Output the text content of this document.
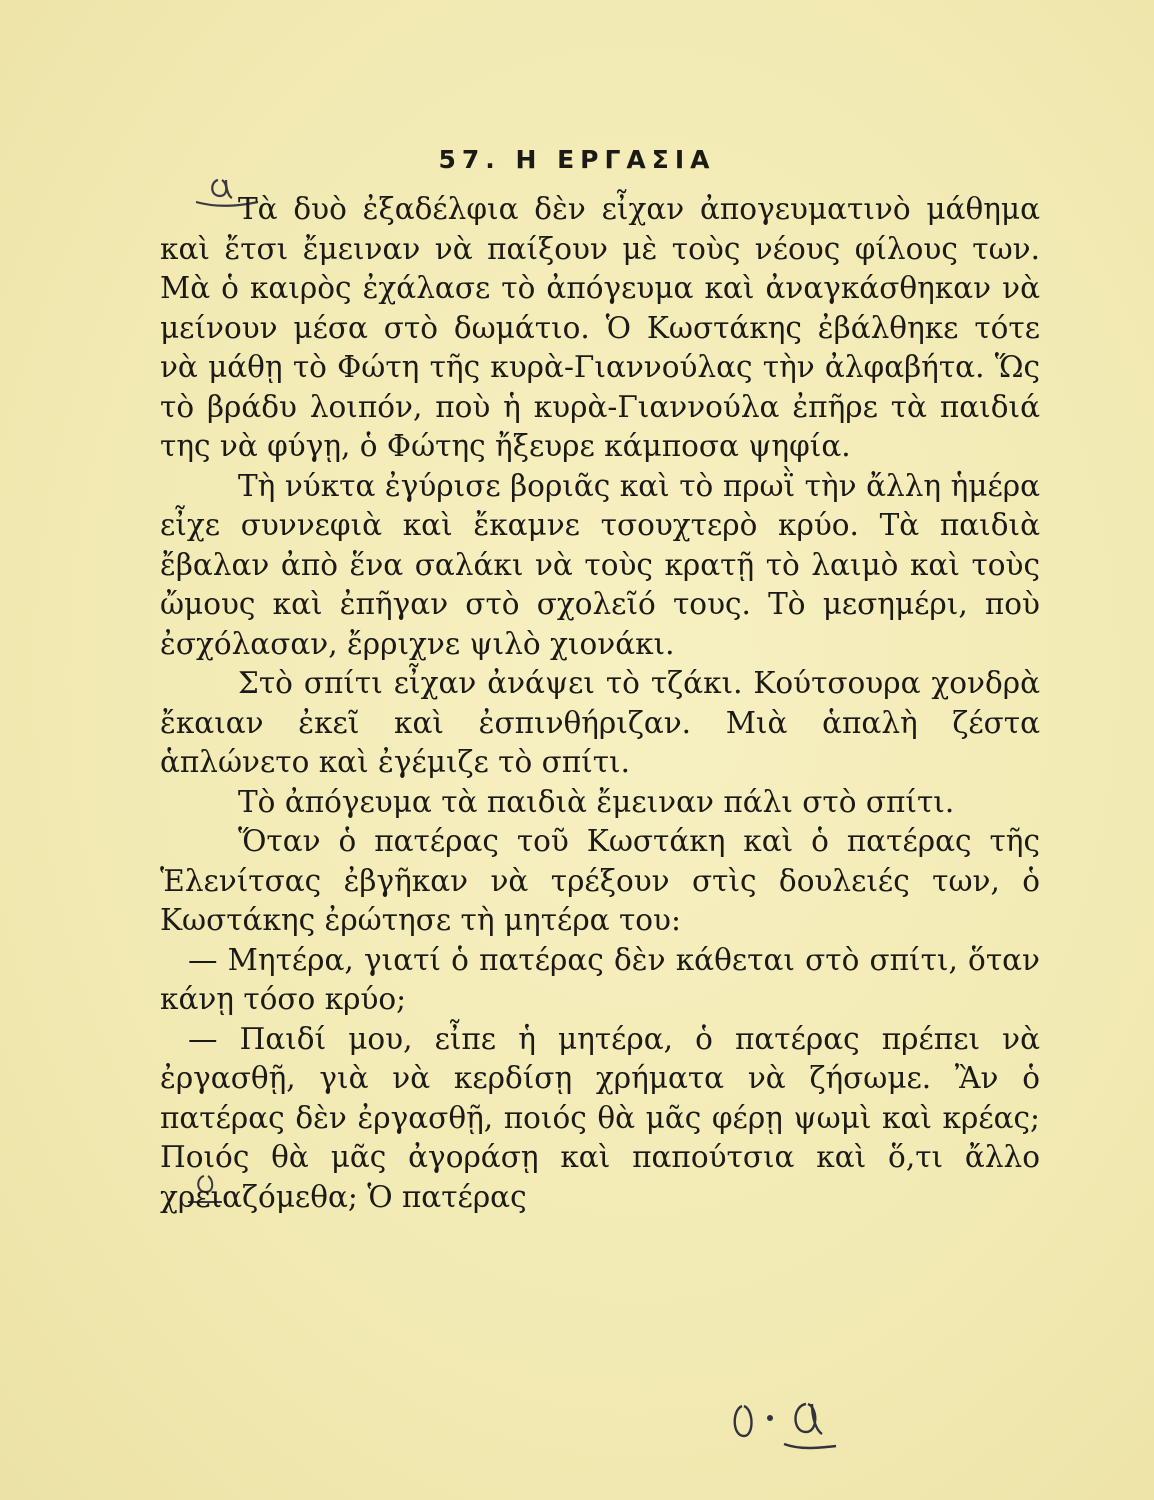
57. Η ΕΡΓΑΣΙΑ

Τὰ δυὸ ἐξαδέλφια δὲν εἶχαν ἀπογευματινὸ μάθημα καὶ ἔτσι ἔμειναν νὰ παίξουν μὲ τοὺς νέους φίλους των. Μὰ ὁ καιρὸς ἐχάλασε τὸ ἀπόγευμα καὶ ἀναγκάσθηκαν νὰ μείνουν μέσα στὸ δωμάτιο. Ὁ Κωστάκης ἐβάλθηκε τότε νὰ μάθῃ τὸ Φώτη τῆς κυρὰ-Γιαννούλας τὴν ἀλφαβήτα. Ὥς τὸ βράδυ λοιπόν, ποὺ ἡ κυρὰ-Γιαννούλα ἐπῆρε τὰ παιδιά της νὰ φύγῃ, ὁ Φώτης ἤξευρε κάμποσα ψηφία.

Τὴ νύκτα ἐγύρισε βοριᾶς καὶ τὸ πρωῒ τὴν ἄλλη ἡμέρα εἶχε συννεφιὰ καὶ ἔκαμνε τσουχτερὸ κρύο. Τὰ παιδιὰ ἔβαλαν ἀπὸ ἕνα σαλάκι νὰ τοὺς κρατῇ τὸ λαιμὸ καὶ τοὺς ὤμους καὶ ἐπῆγαν στὸ σχολεῖό τους. Τὸ μεσημέρι, ποὺ ἐσχόλασαν, ἔρριχνε ψιλὸ χιονάκι.

Στὸ σπίτι εἶχαν ἀνάψει τὸ τζάκι. Κούτσουρα χονδρὰ ἔκαιαν ἐκεῖ καὶ ἐσπινθήριζαν. Μιὰ ἁπαλὴ ζέστα ἁπλώνετο καὶ ἐγέμιζε τὸ σπίτι.

Τὸ ἀπόγευμα τὰ παιδιὰ ἔμειναν πάλι στὸ σπίτι.

Ὅταν ὁ πατέρας τοῦ Κωστάκη καὶ ὁ πατέρας τῆς Ἑλενίτσας ἐβγῆκαν νὰ τρέξουν στὶς δουλειές των, ὁ Κωστάκης ἐρώτησε τὴ μητέρα του:

— Μητέρα, γιατί ὁ πατέρας δὲν κάθεται στὸ σπίτι, ὅταν κάνῃ τόσο κρύο;

— Παιδί μου, εἶπε ἡ μητέρα, ὁ πατέρας πρέπει νὰ ἐργασθῇ, γιὰ νὰ κερδίσῃ χρήματα νὰ ζήσωμε. Ἂν ὁ πατέρας δὲν ἐργασθῇ, ποιός θὰ μᾶς φέρῃ ψωμὶ καὶ κρέας; Ποιός θὰ μᾶς ἀγοράσῃ καὶ παπούτσια καὶ ὅ,τι ἄλλο χρειαζόμεθα; Ὁ πατέρας
